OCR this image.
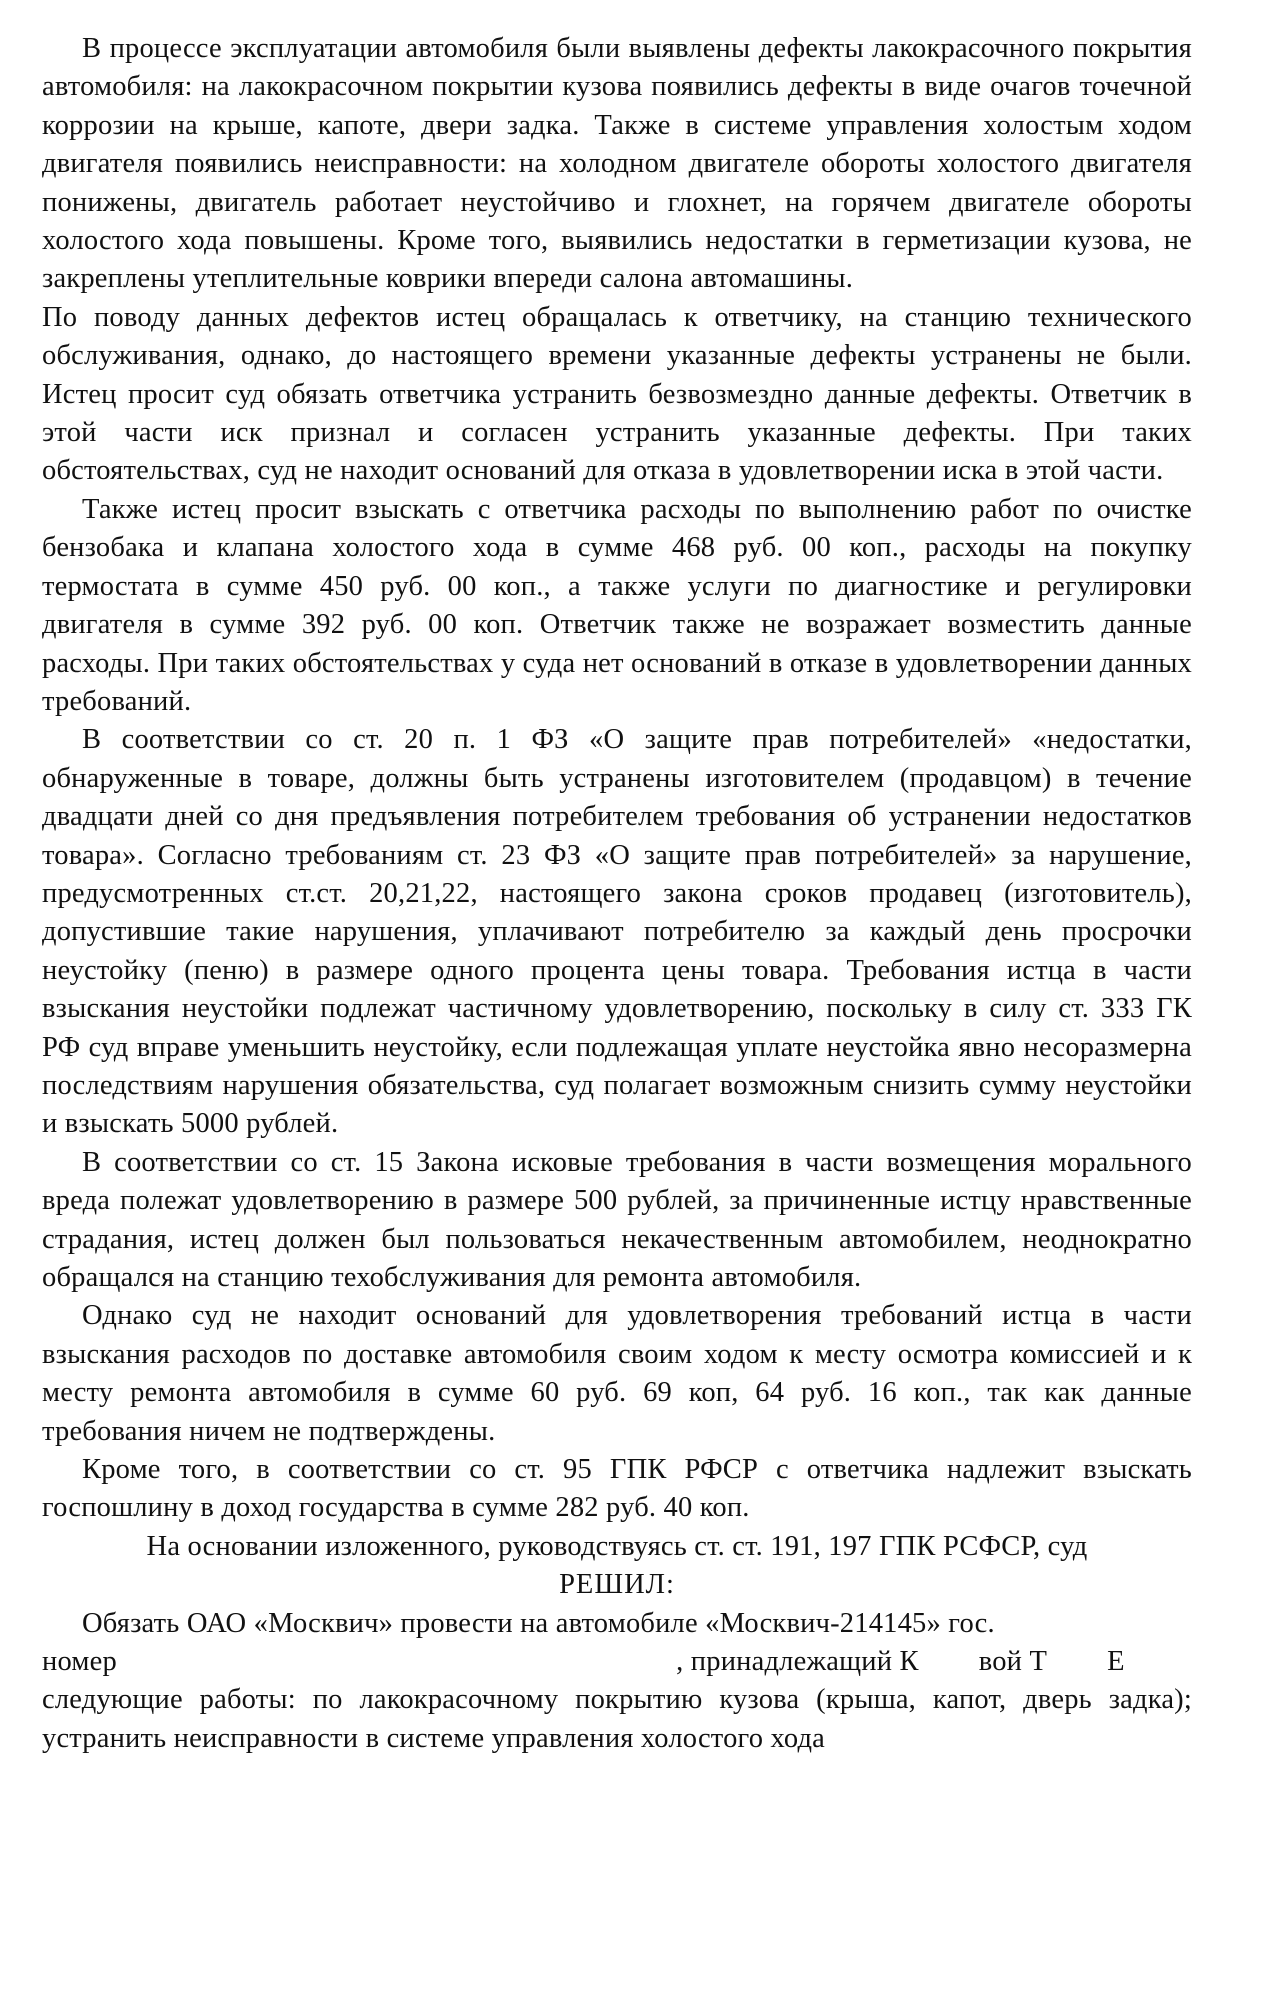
В процессе эксплуатации автомобиля были выявлены дефекты лакокрасочного покрытия автомобиля: на лакокрасочном покрытии кузова появились дефекты в виде очагов точечной коррозии на крыше, капоте, двери задка. Также в системе управления холостым ходом двигателя появились неисправности: на холодном двигателе обороты холостого двигателя понижены, двигатель работает неустойчиво и глохнет, на горячем двигателе обороты холостого хода повышены. Кроме того, выявились недостатки в герметизации кузова, не закреплены утеплительные коврики впереди салона автомашины.

По поводу данных дефектов истец обращалась к ответчику, на станцию технического обслуживания, однако, до настоящего времени указанные дефекты устранены не были. Истец просит суд обязать ответчика устранить безвозмездно данные дефекты. Ответчик в этой части иск признал и согласен устранить указанные дефекты. При таких обстоятельствах, суд не находит оснований для отказа в удовлетворении иска в этой части.

Также истец просит взыскать с ответчика расходы по выполнению работ по очистке бензобака и клапана холостого хода в сумме 468 руб. 00 коп., расходы на покупку термостата в сумме 450 руб. 00 коп., а также услуги по диагностике и регулировки двигателя в сумме 392 руб. 00 коп. Ответчик также не возражает возместить данные расходы. При таких обстоятельствах у суда нет оснований в отказе в удовлетворении данных требований.

В соответствии со ст. 20 п. 1 ФЗ «О защите прав потребителей» «недостатки, обнаруженные в товаре, должны быть устранены изготовителем (продавцом) в течение двадцати дней со дня предъявления потребителем требования об устранении недостатков товара». Согласно требованиям ст. 23 ФЗ «О защите прав потребителей» за нарушение, предусмотренных ст.ст. 20,21,22, настоящего закона сроков продавец (изготовитель), допустившие такие нарушения, уплачивают потребителю за каждый день просрочки неустойку (пеню) в размере одного процента цены товара. Требования истца в части взыскания неустойки подлежат частичному удовлетворению, поскольку в силу ст. 333 ГК РФ суд вправе уменьшить неустойку, если подлежащая уплате неустойка явно несоразмерна последствиям нарушения обязательства, суд полагает возможным снизить сумму неустойки и взыскать 5000 рублей.

В соответствии со ст. 15 Закона исковые требования в части возмещения морального вреда полежат удовлетворению в размере 500 рублей, за причиненные истцу нравственные страдания, истец должен был пользоваться некачественным автомобилем, неоднократно обращался на станцию техобслуживания для ремонта автомобиля.

Однако суд не находит оснований для удовлетворения требований истца в части взыскания расходов по доставке автомобиля своим ходом к месту осмотра комиссией и к месту ремонта автомобиля в сумме 60 руб. 69 коп, 64 руб. 16 коп., так как данные требования ничем не подтверждены.

Кроме того, в соответствии со ст. 95 ГПК РФСР с ответчика надлежит взыскать госпошлину в доход государства в сумме 282 руб. 40 коп.

На основании изложенного, руководствуясь ст. ст. 191, 197 ГПК РСФСР, суд

РЕШИЛ:

Обязать ОАО «Москвич» провести на автомобиле «Москвич-214145» гос.

номер	, принадлежащий К вой Т Е

следующие работы: по лакокрасочному покрытию кузова (крыша, капот, дверь задка); устранить неисправности в системе управления холостого хода
